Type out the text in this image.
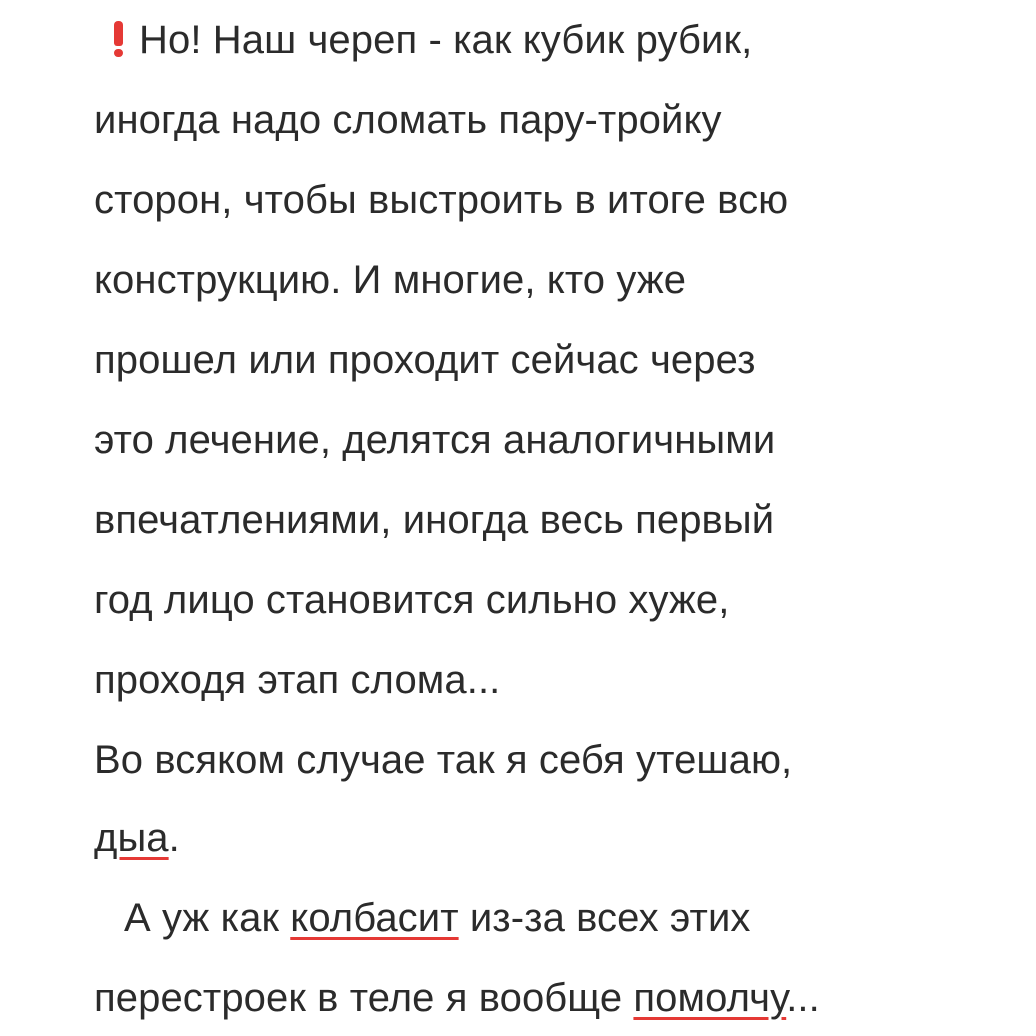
Но! Наш череп - как кубик рубик,
иногда надо сломать пару-тройку
сторон, чтобы выстроить в итоге всю
конструкцию. И многие, кто уже
прошел или проходит сейчас через
это лечение, делятся аналогичными
впечатлениями, иногда весь первый
год лицо становится сильно хуже,
проходя этап слома...
Во всяком случае так я себя утешаю,
дыа.
А уж как колбасит из-за всех этих
перестроек в теле я вообще помолчу...
